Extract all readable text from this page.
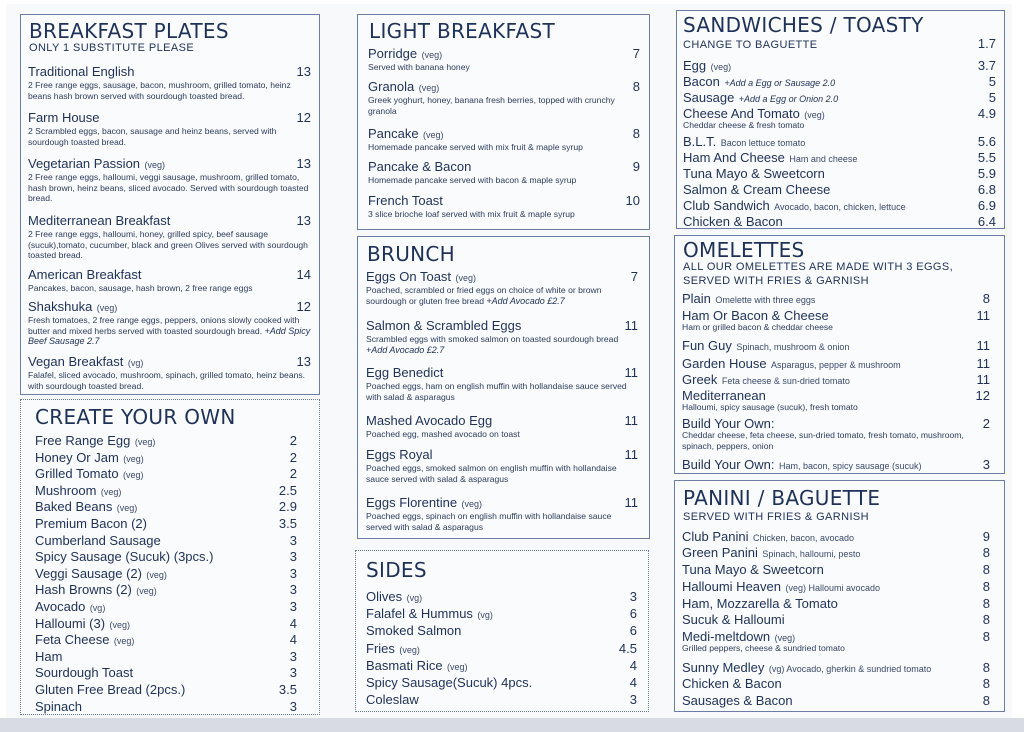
BREAKFAST PLATES
ONLY 1 SUBSTITUTE PLEASE
Traditional English	13
2 Free range eggs, sausage, bacon, mushroom, grilled tomato, heinz beans hash brown served with sourdough toasted bread.
Farm House	12
2 Scrambled eggs, bacon, sausage and heinz beans, served with sourdough toasted bread.
Vegetarian Passion (veg)	13
2 Free range eggs, halloumi, veggi sausage, mushroom, grilled tomato, hash brown, heinz beans, sliced avocado. Served with sourdough toasted bread.
Mediterranean Breakfast	13
2 Free range eggs, halloumi, honey, grilled spicy, beef sausage (sucuk),tomato, cucumber, black and green Olives served with sourdough toasted bread.
American Breakfast	14
Pancakes, bacon, sausage, hash brown, 2 free range eggs
Shakshuka (veg)	12
Fresh tomatoes, 2 free range eggs, peppers, onions slowly cooked with butter and mixed herbs served with toasted sourdough bread. +Add Spicy Beef Sausage 2.7
Vegan Breakfast (vg)	13
Falafel, sliced avocado, mushroom, spinach, grilled tomato, heinz beans. with sourdough toasted bread.
CREATE YOUR OWN
Free Range Egg (veg)	2
Honey Or Jam (veg)	2
Grilled Tomato (veg)	2
Mushroom (veg)	2.5
Baked Beans (veg)	2.9
Premium Bacon (2)	3.5
Cumberland Sausage	3
Spicy Sausage (Sucuk) (3pcs.)	3
Veggi Sausage (2) (veg)	3
Hash Browns (2) (veg)	3
Avocado (vg)	3
Halloumi (3) (veg)	4
Feta Cheese (veg)	4
Ham	3
Sourdough Toast	3
Gluten Free Bread (2pcs.)	3.5
Spinach	3
LIGHT BREAKFAST
Porridge (veg)	7
Served with banana honey
Granola (veg)	8
Greek yoghurt, honey, banana fresh berries, topped with crunchy granola
Pancake (veg)	8
Homemade pancake served with mix fruit & maple syrup
Pancake & Bacon	9
Homemade pancake served with bacon & maple syrup
French Toast	10
3 slice brioche loaf served with mix fruit & maple syrup
BRUNCH
Eggs On Toast (veg)	7
Poached, scrambled or fried eggs on choice of white or brown sourdough or gluten free bread +Add Avocado £2.7
Salmon & Scrambled Eggs	11
Scrambled eggs with smoked salmon on toasted sourdough bread +Add Avocado £2.7
Egg Benedict	11
Poached eggs, ham on english muffin with hollandaise sauce served with salad & asparagus
Mashed Avocado Egg	11
Poached egg, mashed avocado on toast
Eggs Royal	11
Poached eggs, smoked salmon on english muffin with hollandaise sauce served with salad & asparagus
Eggs Florentine (veg)	11
Poached eggs, spinach on english muffin with hollandaise sauce served with salad & asparagus
SIDES
Olives (vg)	3
Falafel & Hummus (vg)	6
Smoked Salmon	6
Fries (veg)	4.5
Basmati Rice (veg)	4
Spicy Sausage(Sucuk) 4pcs.	4
Coleslaw	3
SANDWICHES / TOASTY
CHANGE TO BAGUETTE	1.7
Egg (veg)	3.7
Bacon +Add a Egg or Sausage 2.0	5
Sausage +Add a Egg or Onion 2.0	5
Cheese And Tomato (veg)	4.9
Cheddar cheese & fresh tomato
B.L.T. Bacon lettuce tomato	5.6
Ham And Cheese Ham and cheese	5.5
Tuna Mayo & Sweetcorn	5.9
Salmon & Cream Cheese	6.8
Club Sandwich Avocado, bacon, chicken, lettuce	6.9
Chicken & Bacon	6.4
OMELETTES
ALL OUR OMELETTES ARE MADE WITH 3 EGGS,
SERVED WITH FRIES & GARNISH
Plain Omelette with three eggs	8
Ham Or Bacon & Cheese	11
Ham or grilled bacon & cheddar cheese
Fun Guy Spinach, mushroom & onion	11
Garden House Asparagus, pepper & mushroom	11
Greek Feta cheese & sun-dried tomato	11
Mediterranean	12
Halloumi, spicy sausage (sucuk), fresh tomato
Build Your Own:	2
Cheddar cheese, feta cheese, sun-dried tomato, fresh tomato, mushroom, spinach, peppers, onion
Build Your Own: Ham, bacon, spicy sausage (sucuk)	3
PANINI / BAGUETTE
SERVED WITH FRIES & GARNISH
Club Panini Chicken, bacon, avocado	9
Green Panini Spinach, halloumi, pesto	8
Tuna Mayo & Sweetcorn	8
Halloumi Heaven (veg) Halloumi avocado	8
Ham, Mozzarella & Tomato	8
Sucuk & Halloumi	8
Medi-meltdown (veg)	8
Grilled peppers, cheese & sundried tomato
Sunny Medley (vg) Avocado, gherkin & sundried tomato	8
Chicken & Bacon	8
Sausages & Bacon	8
